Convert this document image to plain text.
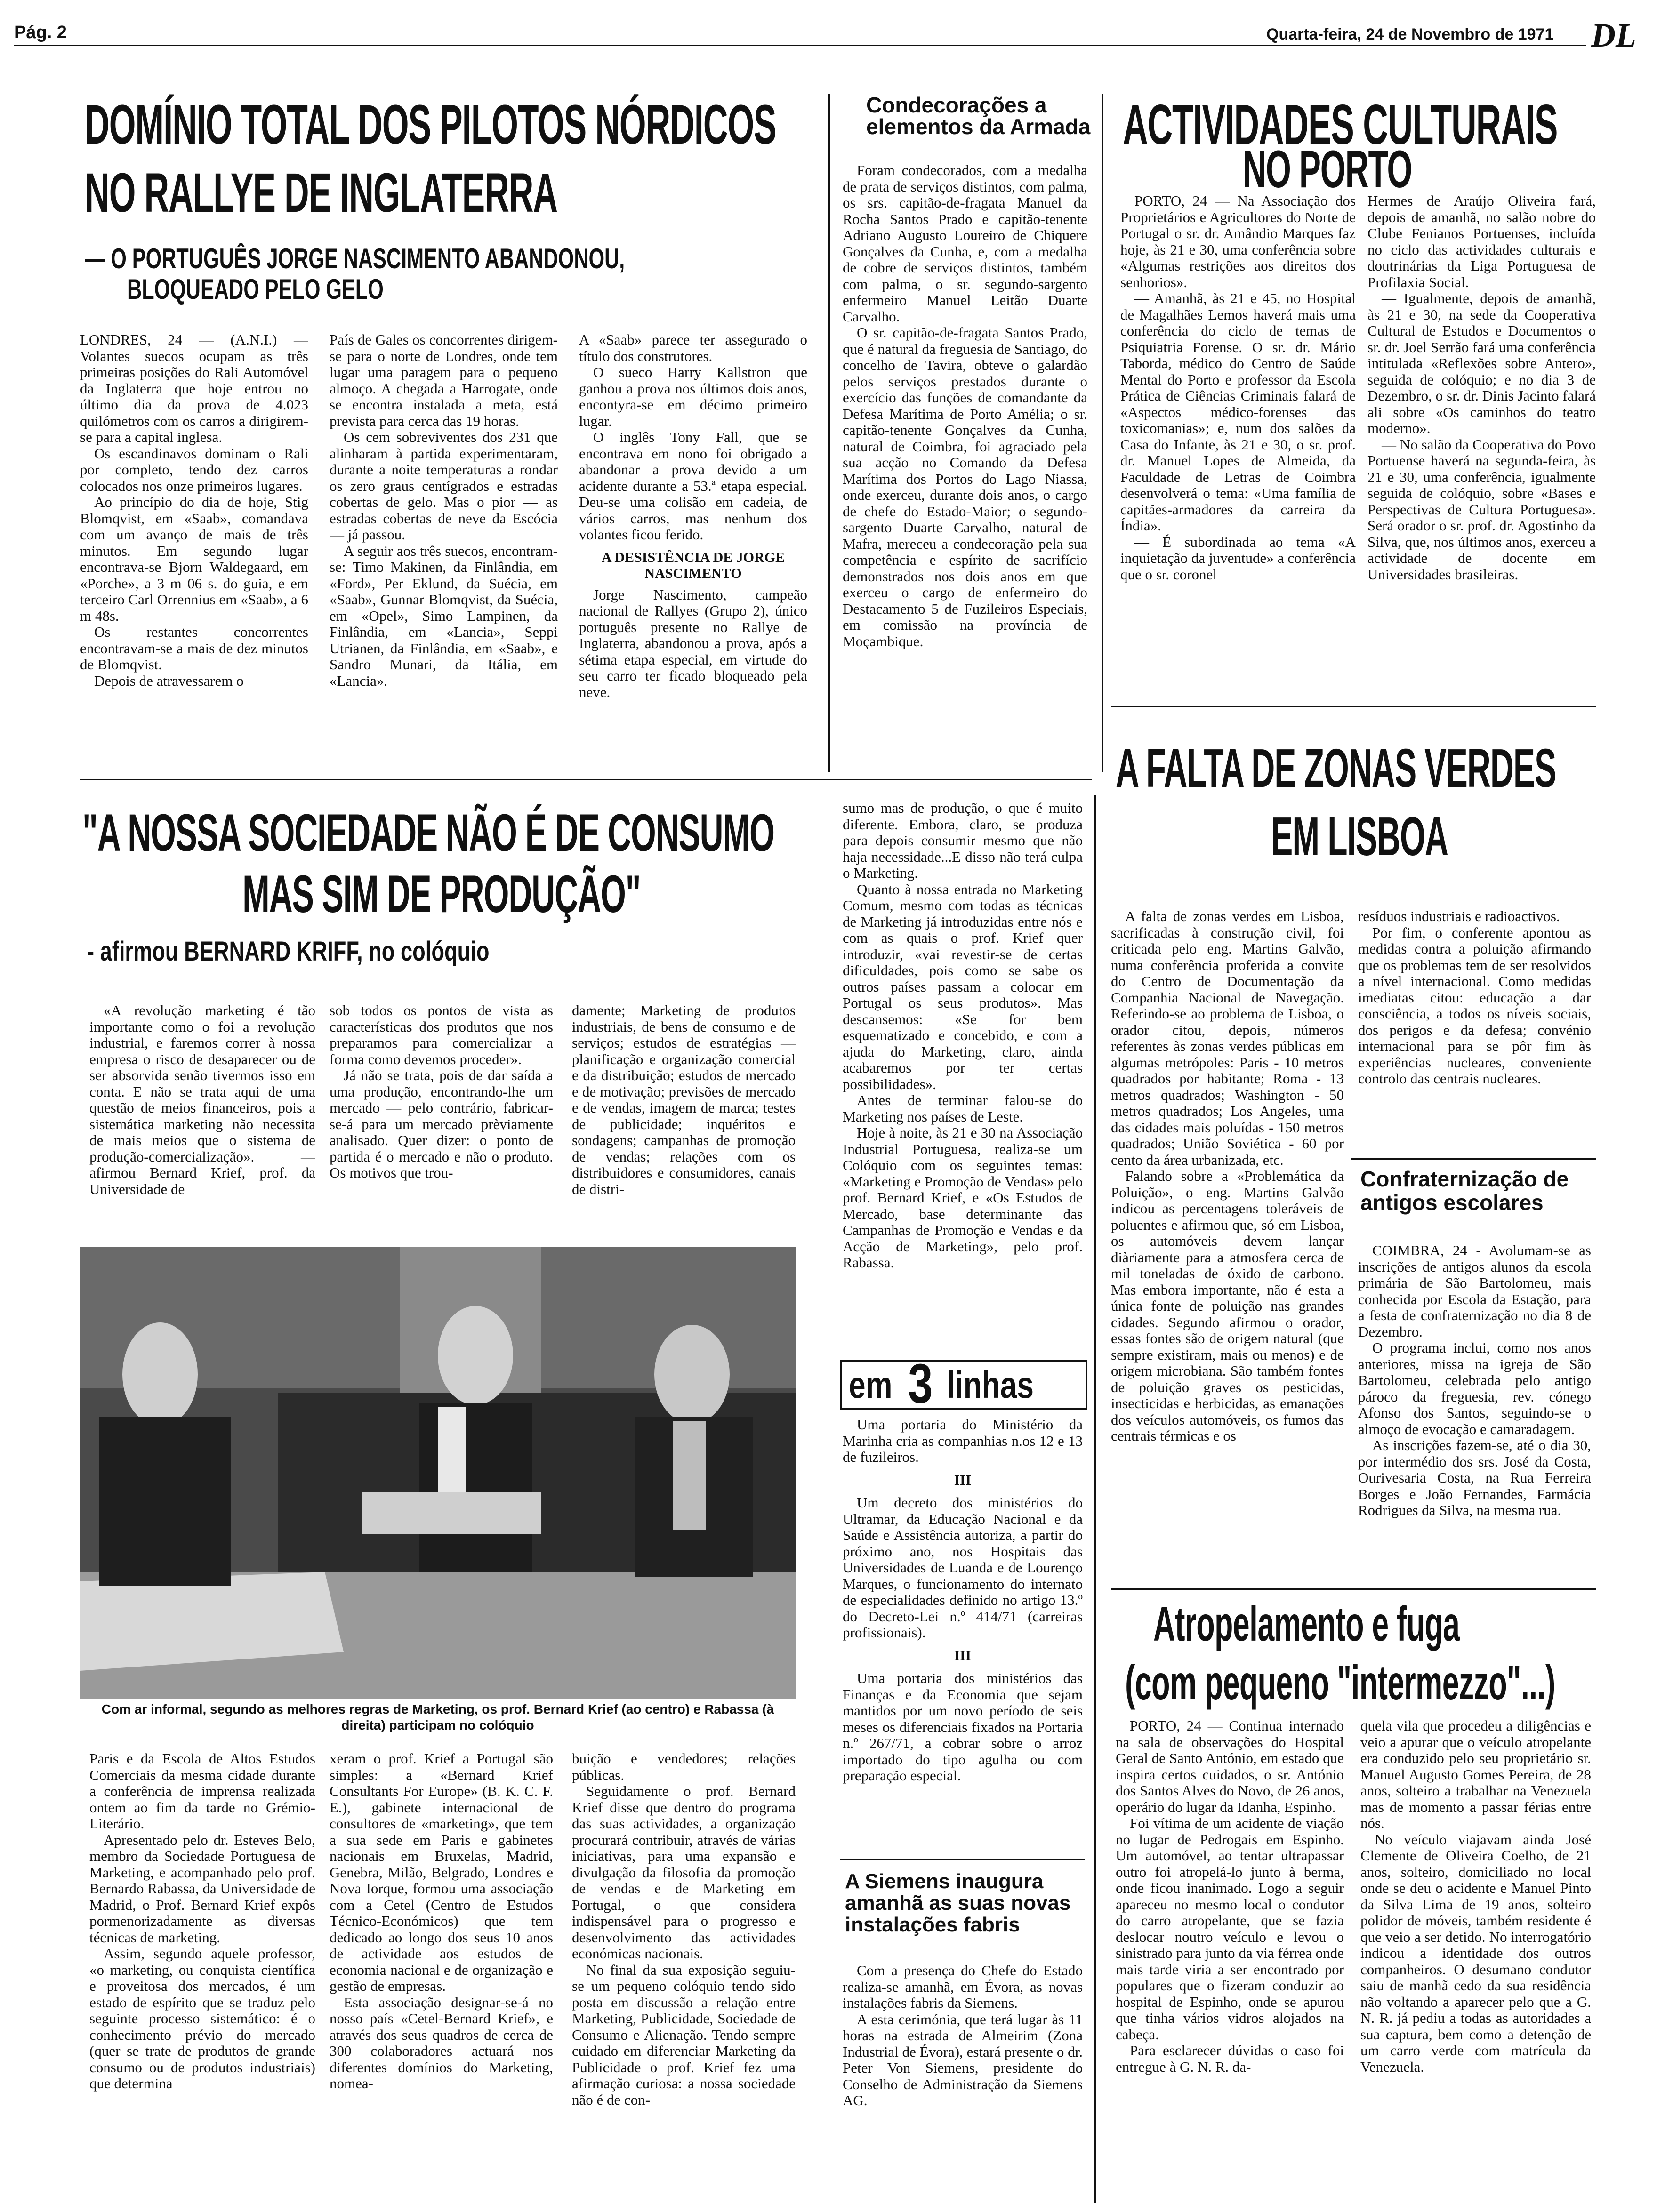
Pág. 2	Quarta-feira, 24 de Novembro de 1971 DL
DOMÍNIO TOTAL DOS PILOTOS NÓRDICOS
NO RALLYE DE INGLATERRA
— O PORTUGUÊS JORGE NASCIMENTO ABANDONOU,
BLOQUEADO PELO GELO

LONDRES, 24 — (A.N.I.) — Volantes suecos ocupam as três primeiras posições do Rali Automóvel da Inglaterra que hoje entrou no último dia da prova de 4.023 quilómetros com os carros a dirigirem-se para a capital inglesa.

Os escandinavos dominam o Rali por completo, tendo dez carros colocados nos onze primeiros lugares.

Ao princípio do dia de hoje, Stig Blomqvist, em «Saab», comandava com um avanço de mais de três minutos. Em segundo lugar encontrava-se Bjorn Waldegaard, em «Porche», a 3 m 06 s. do guia, e em terceiro Carl Orrennius em «Saab», a 6 m 48s.

Os restantes concorrentes encontravam-se a mais de dez minutos de Blomqvist.

Depois de atravessarem o

País de Gales os concorrentes dirigem-se para o norte de Londres, onde tem lugar uma paragem para o pequeno almoço. A chegada a Harrogate, onde se encontra instalada a meta, está prevista para cerca das 19 horas.

Os cem sobreviventes dos 231 que alinharam à partida experimentaram, durante a noite temperaturas a rondar os zero graus centígrados e estradas cobertas de gelo. Mas o pior — as estradas cobertas de neve da Escócia — já passou.

A seguir aos três suecos, encontram-se: Timo Makinen, da Finlândia, em «Ford», Per Eklund, da Suécia, em «Saab», Gunnar Blomqvist, da Suécia, em «Opel», Simo Lampinen, da Finlândia, em «Lancia», Seppi Utrianen, da Finlândia, em «Saab», e Sandro Munari, da Itália, em «Lancia».

A «Saab» parece ter assegurado o título dos construtores.

O sueco Harry Kallstron que ganhou a prova nos últimos dois anos, encontyra-se em décimo primeiro lugar.

O inglês Tony Fall, que se encontrava em nono foi obrigado a abandonar a prova devido a um acidente durante a 53.ª etapa especial. Deu-se uma colisão em cadeia, de vários carros, mas nenhum dos volantes ficou ferido.

A DESISTÊNCIA DE JORGE NASCIMENTO

Jorge Nascimento, campeão nacional de Rallyes (Grupo 2), único português presente no Rallye de Inglaterra, abandonou a prova, após a sétima etapa especial, em virtude do seu carro ter ficado bloqueado pela neve.

Condecorações a elementos da Armada

Foram condecorados, com a medalha de prata de serviços distintos, com palma, os srs. capitão-de-fragata Manuel da Rocha Santos Prado e capitão-tenente Adriano Augusto Loureiro de Chiquere Gonçalves da Cunha, e, com a medalha de cobre de serviços distintos, também com palma, o sr. segundo-sargento enfermeiro Manuel Leitão Duarte Carvalho.

O sr. capitão-de-fragata Santos Prado, que é natural da freguesia de Santiago, do concelho de Tavira, obteve o galardão pelos serviços prestados durante o exercício das funções de comandante da Defesa Marítima de Porto Amélia; o sr. capitão-tenente Gonçalves da Cunha, natural de Coimbra, foi agraciado pela sua acção no Comando da Defesa Marítima dos Portos do Lago Niassa, onde exerceu, durante dois anos, o cargo de chefe do Estado-Maior; o segundo-sargento Duarte Carvalho, natural de Mafra, mereceu a condecoração pela sua competência e espírito de sacrifício demonstrados nos dois anos em que exerceu o cargo de enfermeiro do Destacamento 5 de Fuzileiros Especiais, em comissão na província de Moçambique.

ACTIVIDADES CULTURAIS
NO PORTO

PORTO, 24 — Na Associação dos Proprietários e Agricultores do Norte de Portugal o sr. dr. Amândio Marques faz hoje, às 21 e 30, uma conferência sobre «Algumas restrições aos direitos dos senhorios».

— Amanhã, às 21 e 45, no Hospital de Magalhães Lemos haverá mais uma conferência do ciclo de temas de Psiquiatria Forense. O sr. dr. Mário Taborda, médico do Centro de Saúde Mental do Porto e professor da Escola Prática de Ciências Criminais falará de «Aspectos médico-forenses das toxicomanias»; e, num dos salões da Casa do Infante, às 21 e 30, o sr. prof. dr. Manuel Lopes de Almeida, da Faculdade de Letras de Coimbra desenvolverá o tema: «Uma família de capitães-armadores da carreira da Índia».

— É subordinada ao tema «A inquietação da juventude» a conferência que o sr. coronel

Hermes de Araújo Oliveira fará, depois de amanhã, no salão nobre do Clube Fenianos Portuenses, incluída no ciclo das actividades culturais e doutrinárias da Liga Portuguesa de Profilaxia Social.

— Igualmente, depois de amanhã, às 21 e 30, na sede da Cooperativa Cultural de Estudos e Documentos o sr. dr. Joel Serrão fará uma conferência intitulada «Reflexões sobre Antero», seguida de colóquio; e no dia 3 de Dezembro, o sr. dr. Dinis Jacinto falará ali sobre «Os caminhos do teatro moderno».

— No salão da Cooperativa do Povo Portuense haverá na segunda-feira, às 21 e 30, uma conferência, igualmente seguida de colóquio, sobre «Bases e Perspectivas de Cultura Portuguesa». Será orador o sr. prof. dr. Agostinho da Silva, que, nos últimos anos, exerceu a actividade de docente em Universidades brasileiras.

"A NOSSA SOCIEDADE NÃO É DE CONSUMO
MAS SIM DE PRODUÇÃO"
- afirmou BERNARD KRIFF, no colóquio

«A revolução marketing é tão importante como o foi a revolução industrial, e faremos correr à nossa empresa o risco de desaparecer ou de ser absorvida senão tivermos isso em conta. E não se trata aqui de uma questão de meios financeiros, pois a sistemática marketing não necessita de mais meios que o sistema de produção-comercialização». — afirmou Bernard Krief, prof. da Universidade de

sob todos os pontos de vista as características dos produtos que nos preparamos para comercializar a forma como devemos proceder».

Já não se trata, pois de dar saída a uma produção, encontrando-lhe um mercado — pelo contrário, fabricar-se-á para um mercado prèviamente analisado. Quer dizer: o ponto de partida é o mercado e não o produto. Os motivos que trou-

damente; Marketing de produtos industriais, de bens de consumo e de serviços; estudos de estratégias — planificação e organização comercial e da distribuição; estudos de mercado e de motivação; previsões de mercado e de vendas, imagem de marca; testes de publicidade; inquéritos e sondagens; campanhas de promoção de vendas; relações com os distribuidores e consumidores, canais de distri-

Com ar informal, segundo as melhores regras de Marketing, os prof. Bernard Krief (ao centro) e Rabassa (à direita) participam no colóquio

Paris e da Escola de Altos Estudos Comerciais da mesma cidade durante a conferência de imprensa realizada ontem ao fim da tarde no Grémio-Literário.

Apresentado pelo dr. Esteves Belo, membro da Sociedade Portuguesa de Marketing, e acompanhado pelo prof. Bernardo Rabassa, da Universidade de Madrid, o Prof. Bernard Krief expôs pormenorizadamente as diversas técnicas de marketing.

Assim, segundo aquele professor, «o marketing, ou conquista científica e proveitosa dos mercados, é um estado de espírito que se traduz pelo seguinte processo sistemático: é o conhecimento prévio do mercado (quer se trate de produtos de grande consumo ou de produtos industriais) que determina

xeram o prof. Krief a Portugal são simples: a «Bernard Krief Consultants For Europe» (B. K. C. F. E.), gabinete internacional de consultores de «marketing», que tem a sua sede em Paris e gabinetes nacionais em Bruxelas, Madrid, Genebra, Milão, Belgrado, Londres e Nova Iorque, formou uma associação com a Cetel (Centro de Estudos Técnico-Económicos) que tem dedicado ao longo dos seus 10 anos de actividade aos estudos de economia nacional e de organização e gestão de empresas.

Esta associação designar-se-á no nosso país «Cetel-Bernard Krief», e através dos seus quadros de cerca de 300 colaboradores actuará nos diferentes domínios do Marketing, nomea-

buição e vendedores; relações públicas.

Seguidamente o prof. Bernard Krief disse que dentro do programa das suas actividades, a organização procurará contribuir, através de várias iniciativas, para uma expansão e divulgação da filosofia da promoção de vendas e de Marketing em Portugal, o que considera indispensável para o progresso e desenvolvimento das actividades económicas nacionais.

No final da sua exposição seguiu-se um pequeno colóquio tendo sido posta em discussão a relação entre Marketing, Publicidade, Sociedade de Consumo e Alienação. Tendo sempre cuidado em diferenciar Marketing da Publicidade o prof. Krief fez uma afirmação curiosa: a nossa sociedade não é de con-

sumo mas de produção, o que é muito diferente. Embora, claro, se produza para depois consumir mesmo que não haja necessidade...E disso não terá culpa o Marketing.

Quanto à nossa entrada no Marketing Comum, mesmo com todas as técnicas de Marketing já introduzidas entre nós e com as quais o prof. Krief quer introduzir, «vai revestir-se de certas dificuldades, pois como se sabe os outros países passam a colocar em Portugal os seus produtos». Mas descansemos: «Se for bem esquematizado e concebido, e com a ajuda do Marketing, claro, ainda acabaremos por ter certas possibilidades».

Antes de terminar falou-se do Marketing nos países de Leste.

Hoje à noite, às 21 e 30 na Associação Industrial Portuguesa, realiza-se um Colóquio com os seguintes temas: «Marketing e Promoção de Vendas» pelo prof. Bernard Krief, e «Os Estudos de Mercado, base determinante das Campanhas de Promoção e Vendas e da Acção de Marketing», pelo prof. Rabassa.

em 3 linhas

Uma portaria do Ministério da Marinha cria as companhias n.os 12 e 13 de fuzileiros.

III

Um decreto dos ministérios do Ultramar, da Educação Nacional e da Saúde e Assistência autoriza, a partir do próximo ano, nos Hospitais das Universidades de Luanda e de Lourenço Marques, o funcionamento do internato de especialidades definido no artigo 13.º do Decreto-Lei n.º 414/71 (carreiras profissionais).

III

Uma portaria dos ministérios das Finanças e da Economia que sejam mantidos por um novo período de seis meses os diferenciais fixados na Portaria n.º 267/71, a cobrar sobre o arroz importado do tipo agulha ou com preparação especial.

A Siemens inaugura amanhã as suas novas instalações fabris

Com a presença do Chefe do Estado realiza-se amanhã, em Évora, as novas instalações fabris da Siemens.

A esta cerimónia, que terá lugar às 11 horas na estrada de Almeirim (Zona Industrial de Évora), estará presente o dr. Peter Von Siemens, presidente do Conselho de Administração da Siemens AG.

A FALTA DE ZONAS VERDES
EM LISBOA

A falta de zonas verdes em Lisboa, sacrificadas à construção civil, foi criticada pelo eng. Martins Galvão, numa conferência proferida a convite do Centro de Documentação da Companhia Nacional de Navegação. Referindo-se ao problema de Lisboa, o orador citou, depois, números referentes às zonas verdes públicas em algumas metrópoles: Paris - 10 metros quadrados por habitante; Roma - 13 metros quadrados; Washington - 50 metros quadrados; Los Angeles, uma das cidades mais poluídas - 150 metros quadrados; União Soviética - 60 por cento da área urbanizada, etc.

Falando sobre a «Problemática da Poluição», o eng. Martins Galvão indicou as percentagens toleráveis de poluentes e afirmou que, só em Lisboa, os automóveis devem lançar diàriamente para a atmosfera cerca de mil toneladas de óxido de carbono. Mas embora importante, não é esta a única fonte de poluição nas grandes cidades. Segundo afirmou o orador, essas fontes são de origem natural (que sempre existiram, mais ou menos) e de origem microbiana. São também fontes de poluição graves os pesticidas, insecticidas e herbicidas, as emanações dos veículos automóveis, os fumos das centrais térmicas e os

resíduos industriais e radioactivos.

Por fim, o conferente apontou as medidas contra a poluição afirmando que os problemas tem de ser resolvidos a nível internacional. Como medidas imediatas citou: educação a dar consciência, a todos os níveis sociais, dos perigos e da defesa; convénio internacional para se pôr fim às experiências nucleares, conveniente controlo das centrais nucleares.

Confraternização de antigos escolares

COIMBRA, 24 - Avolumam-se as inscrições de antigos alunos da escola primária de São Bartolomeu, mais conhecida por Escola da Estação, para a festa de confraternização no dia 8 de Dezembro.

O programa inclui, como nos anos anteriores, missa na igreja de São Bartolomeu, celebrada pelo antigo pároco da freguesia, rev. cónego Afonso dos Santos, seguindo-se o almoço de evocação e camaradagem.

As inscrições fazem-se, até o dia 30, por intermédio dos srs. José da Costa, Ourivesaria Costa, na Rua Ferreira Borges e João Fernandes, Farmácia Rodrigues da Silva, na mesma rua.

Atropelamento e fuga
(com pequeno "intermezzo"...)

PORTO, 24 — Continua internado na sala de observações do Hospital Geral de Santo António, em estado que inspira certos cuidados, o sr. António dos Santos Alves do Novo, de 26 anos, operário do lugar da Idanha, Espinho.

Foi vítima de um acidente de viação no lugar de Pedrogais em Espinho. Um automóvel, ao tentar ultrapassar outro foi atropelá-lo junto à berma, onde ficou inanimado. Logo a seguir apareceu no mesmo local o condutor do carro atropelante, que se fazia deslocar noutro veículo e levou o sinistrado para junto da via férrea onde mais tarde viria a ser encontrado por populares que o fizeram conduzir ao hospital de Espinho, onde se apurou que tinha vários vidros alojados na cabeça.

Para esclarecer dúvidas o caso foi entregue à G. N. R. da-

quela vila que procedeu a diligências e veio a apurar que o veículo atropelante era conduzido pelo seu proprietário sr. Manuel Augusto Gomes Pereira, de 28 anos, solteiro a trabalhar na Venezuela mas de momento a passar férias entre nós.

No veículo viajavam ainda José Clemente de Oliveira Coelho, de 21 anos, solteiro, domiciliado no local onde se deu o acidente e Manuel Pinto da Silva Lima de 19 anos, solteiro polidor de móveis, também residente é que veio a ser detido. No interrogatório indicou a identidade dos outros companheiros. O desumano condutor saiu de manhã cedo da sua residência não voltando a aparecer pelo que a G. N. R. já pediu a todas as autoridades a sua captura, bem como a detenção de um carro verde com matrícula da Venezuela.
